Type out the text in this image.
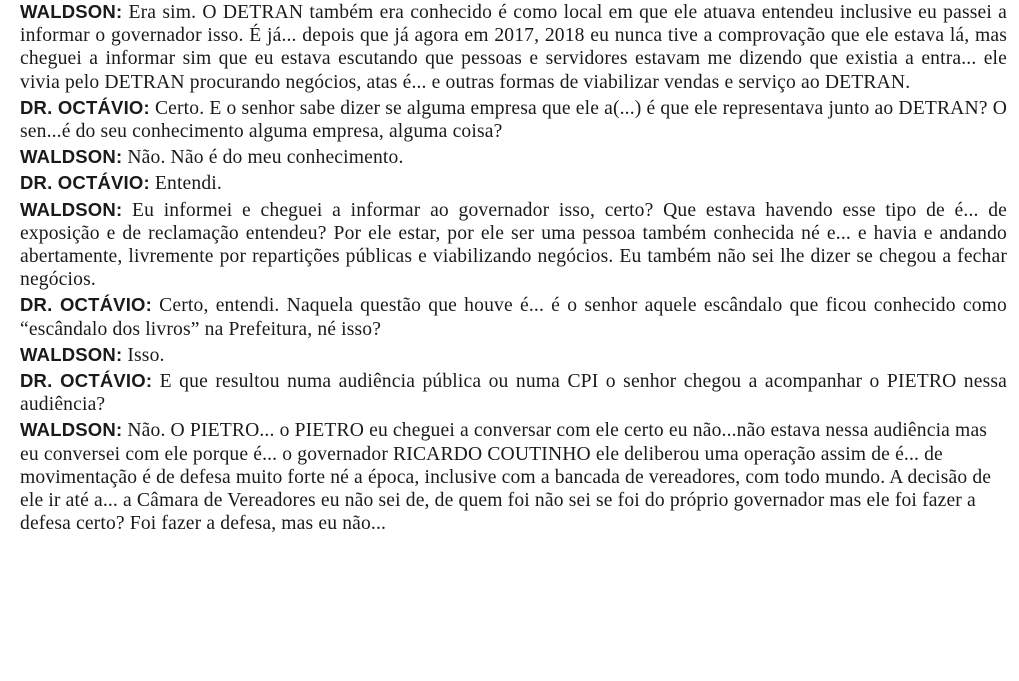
WALDSON: Era sim. O DETRAN também era conhecido é como local em que ele atuava entendeu inclusive eu passei a informar o governador isso. É já... depois que já agora em 2017, 2018 eu nunca tive a comprovação que ele estava lá, mas cheguei a informar sim que eu estava escutando que pessoas e servidores estavam me dizendo que existia a entra... ele vivia pelo DETRAN procurando negócios, atas é... e outras formas de viabilizar vendas e serviço ao DETRAN.

DR. OCTÁVIO: Certo. E o senhor sabe dizer se alguma empresa que ele a(...) é que ele representava junto ao DETRAN? O sen...é do seu conhecimento alguma empresa, alguma coisa?

WALDSON: Não. Não é do meu conhecimento.

DR. OCTÁVIO: Entendi.

WALDSON: Eu informei e cheguei a informar ao governador isso, certo? Que estava havendo esse tipo de é... de exposição e de reclamação entendeu? Por ele estar, por ele ser uma pessoa também conhecida né e... e havia e andando abertamente, livremente por repartições públicas e viabilizando negócios. Eu também não sei lhe dizer se chegou a fechar negócios.

DR. OCTÁVIO: Certo, entendi. Naquela questão que houve é... é o senhor aquele escândalo que ficou conhecido como “escândalo dos livros” na Prefeitura, né isso?

WALDSON: Isso.

DR. OCTÁVIO: E que resultou numa audiência pública ou numa CPI o senhor chegou a acompanhar o PIETRO nessa audiência?

WALDSON: Não. O PIETRO... o PIETRO eu cheguei a conversar com ele certo eu não...não estava nessa audiência mas eu conversei com ele porque é... o governador RICARDO COUTINHO ele deliberou uma operação assim de é... de movimentação é de defesa muito forte né a época, inclusive com a bancada de vereadores, com todo mundo. A decisão de ele ir até a... a Câmara de Vereadores eu não sei de, de quem foi não sei se foi do próprio governador mas ele foi fazer a defesa certo? Foi fazer a defesa, mas eu não...
